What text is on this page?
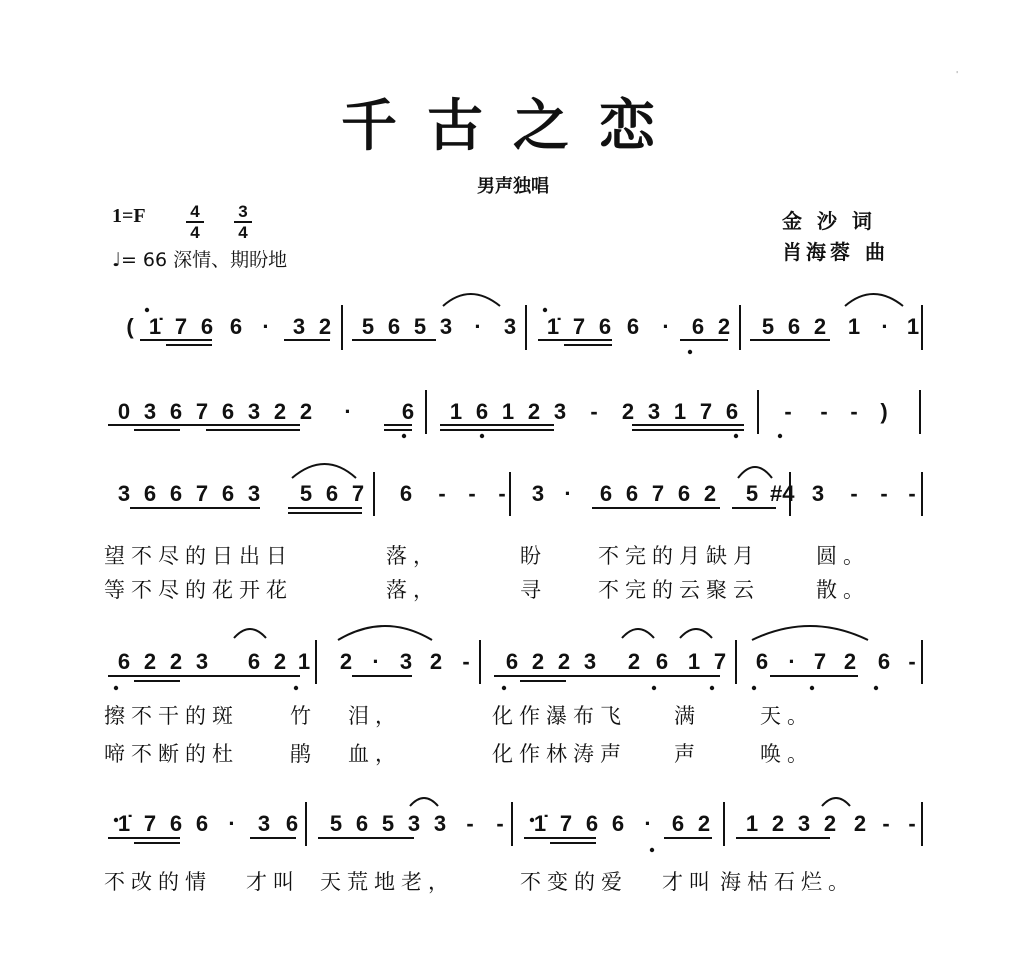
千古之恋
男声独唱
'
1=F	4
4
3
4
♩= 66 深情、期盼地
金 沙 词
肖海蓉 曲
( 1̇ 7 6 6 · 3 2 5 6 5 3 · 3 1̇ 7 6 6 · 6 2 5 6 2 1 · 1
0 3 6 7 6 3 2 2 · 6 1 6 1 2 3 - 2 3 1 7 6 - - - )
3 6 6 7 6 3 5 6 7 6 - - - 3 · 6 6 7 6 2 5 #4 3 - - -
望不尽的日出日	落，	盼 不完的月缺月	圆。
等不尽的花开花	落，	寻 不完的云聚云	散。
6 2 2 3 6 2 1 2 · 3 2 - 6 2 2 3 2 6 1 7 6 · 7 2 6 -
擦不干的斑 竹 泪，	化作瀑布飞 满	天。
啼不断的杜 鹃 血，	化作林涛声 声	唤。
1̇ 7 6 6 · 3 6 5 6 5 3 3 - - 1̇ 7 6 6 · 6 2 1 2 3 2 2 - -
不改的情 才叫 天荒地老，	不变的爱 才叫 海枯石烂。
